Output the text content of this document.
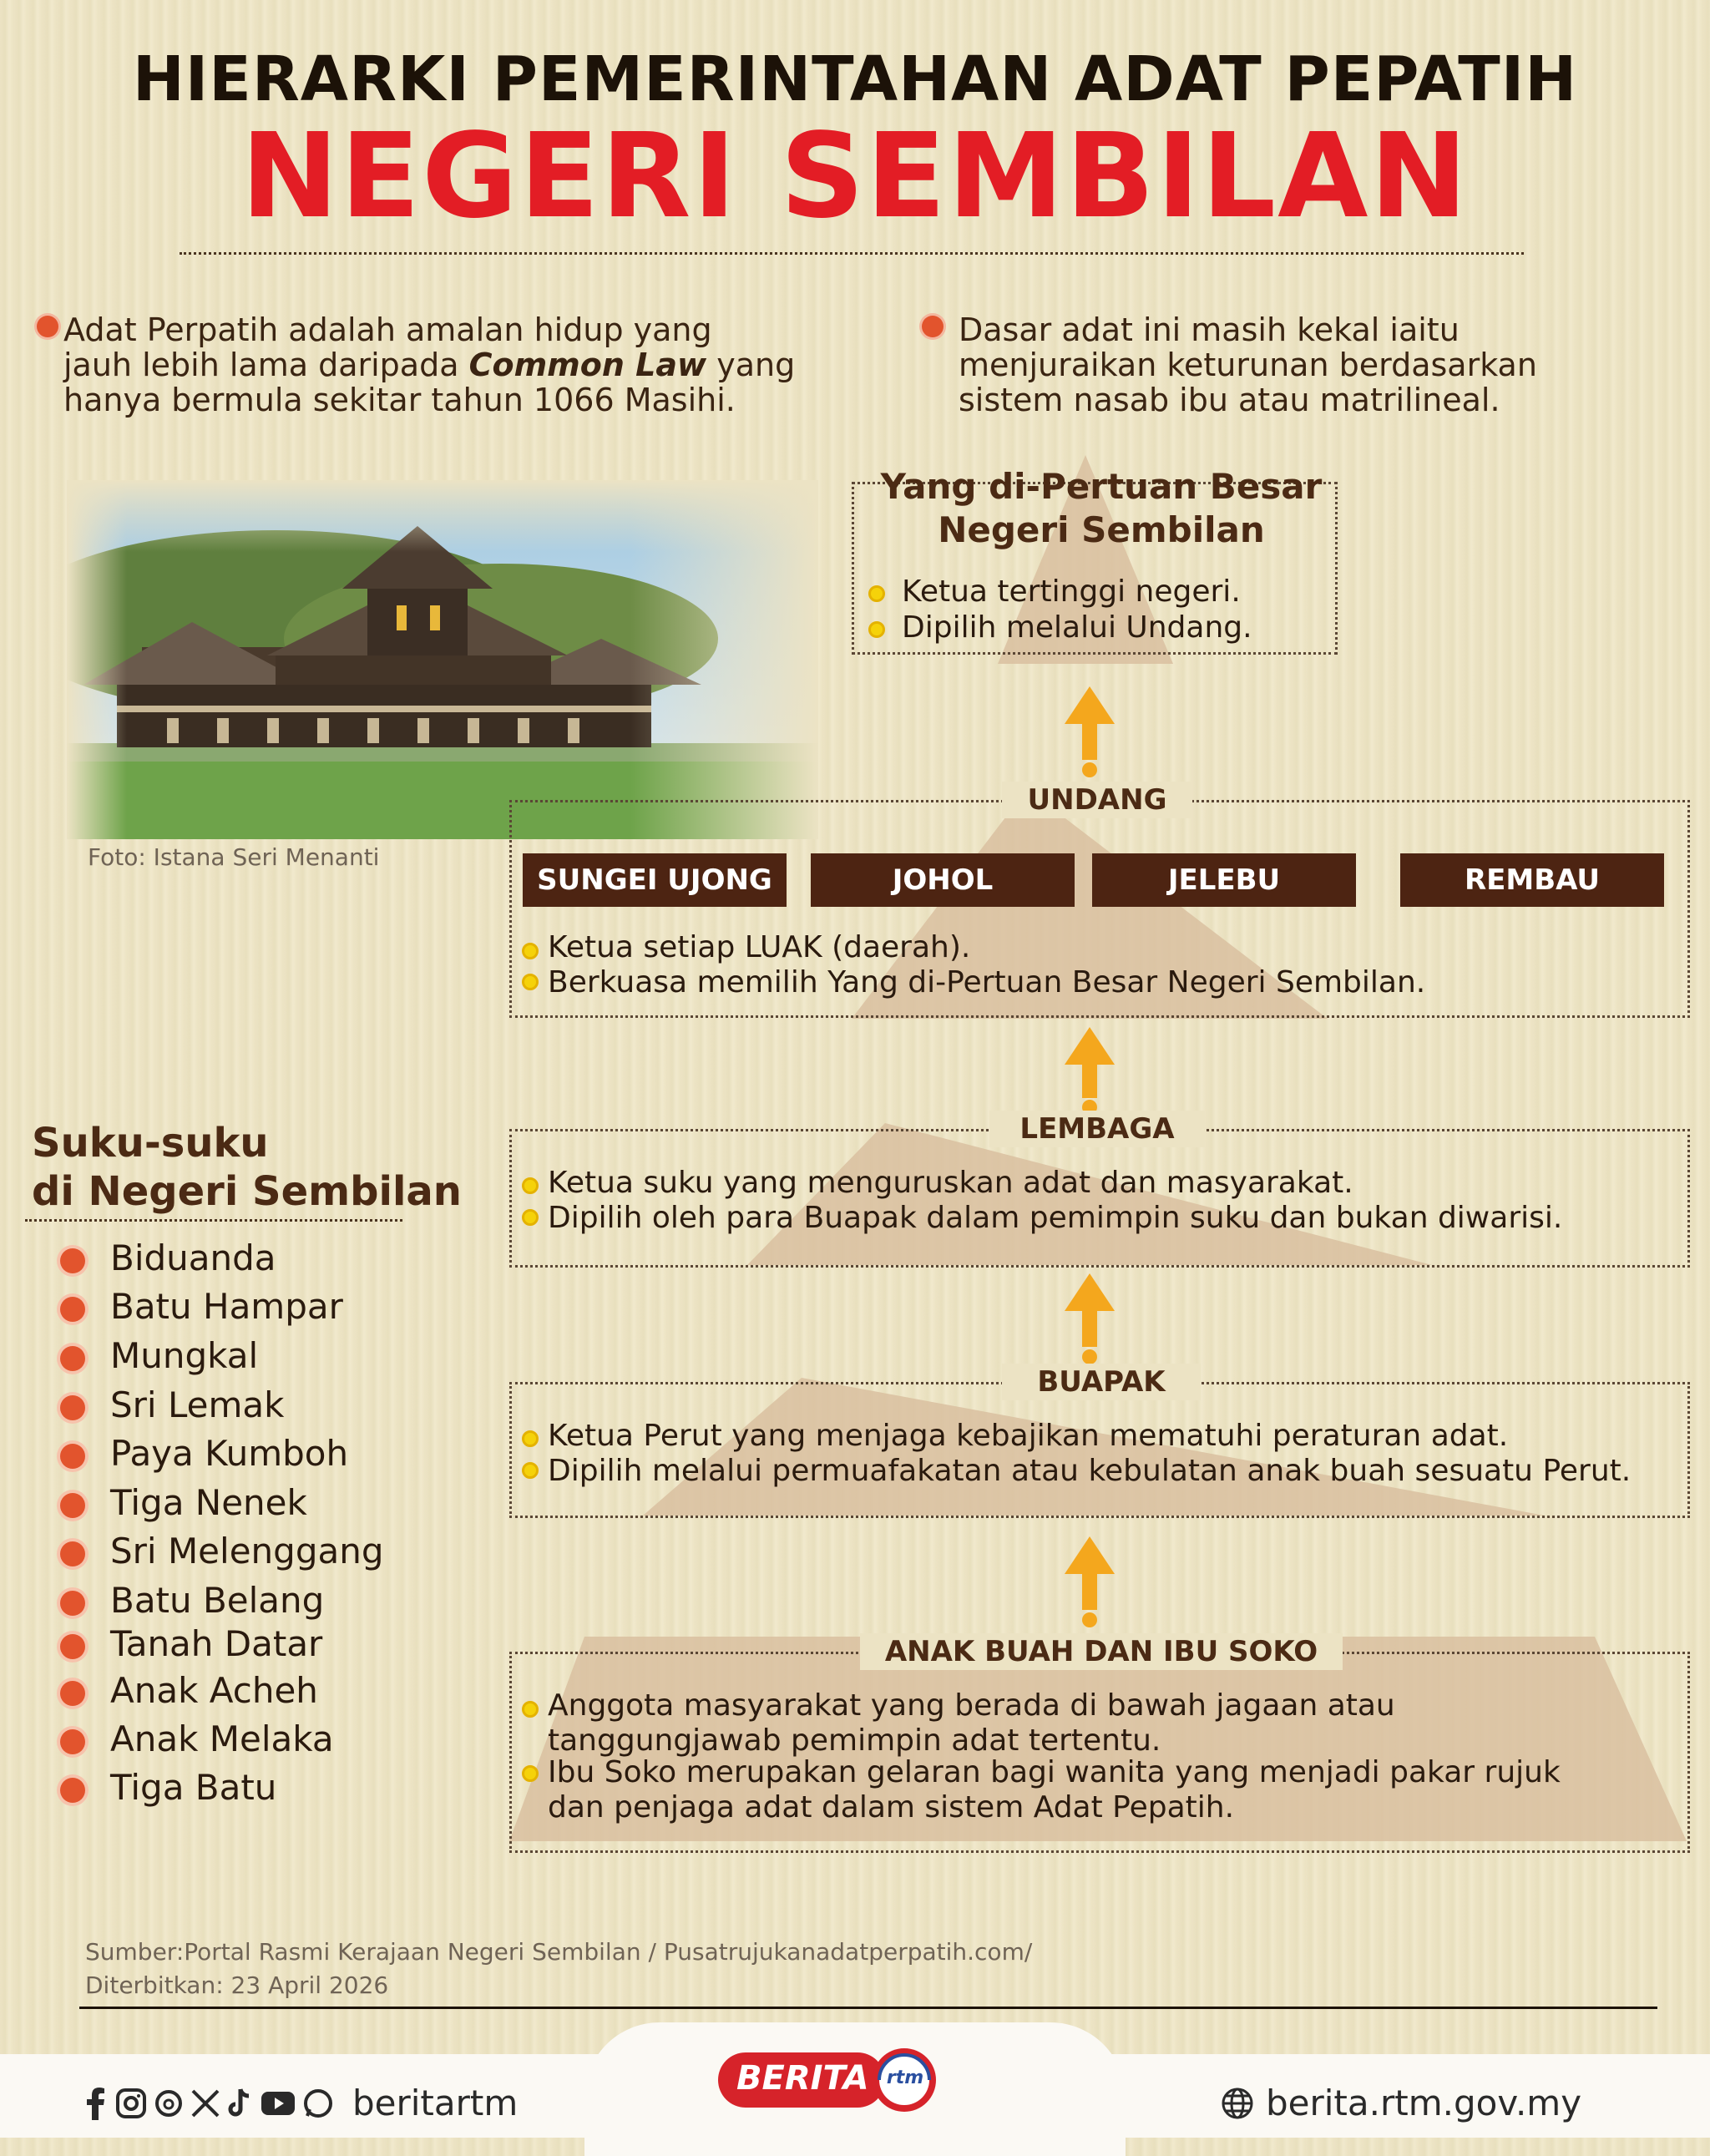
HIERARKI PEMERINTAHAN ADAT PEPATIH
NEGERI SEMBILAN
Adat Perpatih adalah amalan hidup yang
jauh lebih lama daripada Common Law yang
hanya bermula sekitar tahun 1066 Masihi.
Dasar adat ini masih kekal iaitu
menjuraikan keturunan berdasarkan
sistem nasab ibu atau matrilineal.
Foto: Istana Seri Menanti
Yang di-Pertuan Besar
Negeri Sembilan
Ketua tertinggi negeri.
Dipilih melalui Undang.
UNDANG
SUNGEI UJONG	JOHOL	JELEBU	REMBAU
Ketua setiap LUAK (daerah).
Berkuasa memilih Yang di-Pertuan Besar Negeri Sembilan.
LEMBAGA
Ketua suku yang menguruskan adat dan masyarakat.
Dipilih oleh para Buapak dalam pemimpin suku dan bukan diwarisi.
BUAPAK
Ketua Perut yang menjaga kebajikan mematuhi peraturan adat.
Dipilih melalui permuafakatan atau kebulatan anak buah sesuatu Perut.
ANAK BUAH DAN IBU SOKO
Anggota masyarakat yang berada di bawah jagaan atau
tanggungjawab pemimpin adat tertentu.
Ibu Soko merupakan gelaran bagi wanita yang menjadi pakar rujuk
dan penjaga adat dalam sistem Adat Pepatih.
Suku-suku
di Negeri Sembilan
Biduanda
Batu Hampar
Mungkal
Sri Lemak
Paya Kumboh
Tiga Nenek
Sri Melenggang
Batu Belang
Tanah Datar
Anak Acheh
Anak Melaka
Tiga Batu
Sumber:Portal Rasmi Kerajaan Negeri Sembilan / Pusatrujukanadatperpatih.com/
Diterbitkan: 23 April 2026
beritartm
BERITA rtm
berita.rtm.gov.my
